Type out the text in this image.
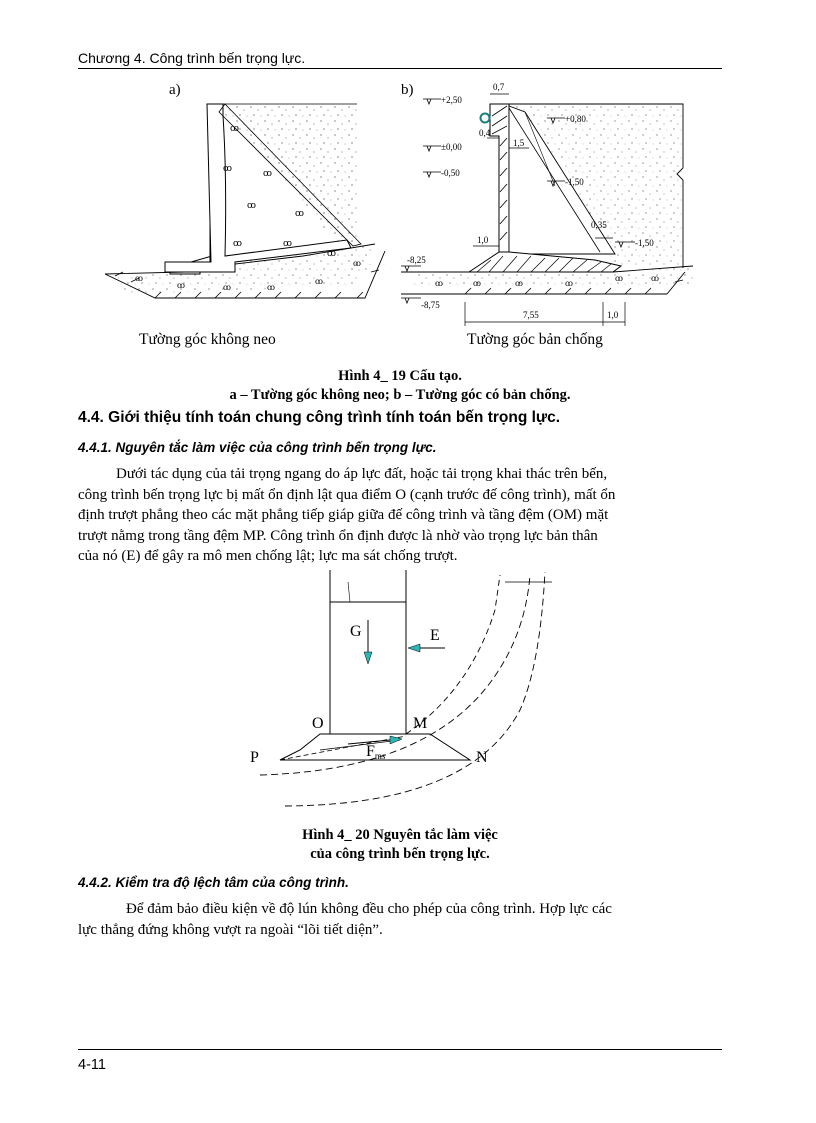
Chương 4. Công trình bến trọng lực.
a)
ꝏ
ꝏ	ꝏ
ꝏ
ꝏ
ꝏ	ꝏ
ꝏ
ꝏ	ꝏ	ꝏ
ꝏ
ꝏ
Tường góc không neo
b)
ꝏ	ꝏ	ꝏ	ꝏ
ꝏ	ꝏ
+2,50
±0,00
-0,50
+0,80
-1,50
-1,50
-8,25
-8,75
0,7
0,4
1,5
1,0
0,35
7,55	1,0
Tường góc bản chống
Hình 4_ 19 Cấu tạo.
a – Tường góc không neo; b – Tường góc có bản chống.
4.4. Giới thiệu tính toán chung công trình tính toán bến trọng lực.
4.4.1. Nguyên tắc làm việc của công trình bến trọng lực.
Dưới tác dụng của tải trọng ngang do áp lực đất, hoặc tải trọng khai thác trên bến,
công trình bến trọng lực bị mất ổn định lật qua điểm O (cạnh trước đế công trình), mất ổn
định trượt phẳng theo các mặt phẳng tiếp giáp giữa đế công trình và tầng đệm (OM) mặt
trượt nằmg trong tầng đệm MP. Công trình ổn định được là nhờ vào trọng lực bản thân
của nó (E) để gây ra mô men chống lật; lực ma sát chống trượt.
G	E
O	M
P	N
Fms
Hình 4_ 20 Nguyên tắc làm việc
của công trình bến trọng lực.
4.4.2. Kiểm tra độ lệch tâm của công trình.
Để đảm bảo điều kiện về độ lún không đều cho phép của công trình. Hợp lực các
lực thẳng đứng không vượt ra ngoài “lõi tiết diện”.
4-11
